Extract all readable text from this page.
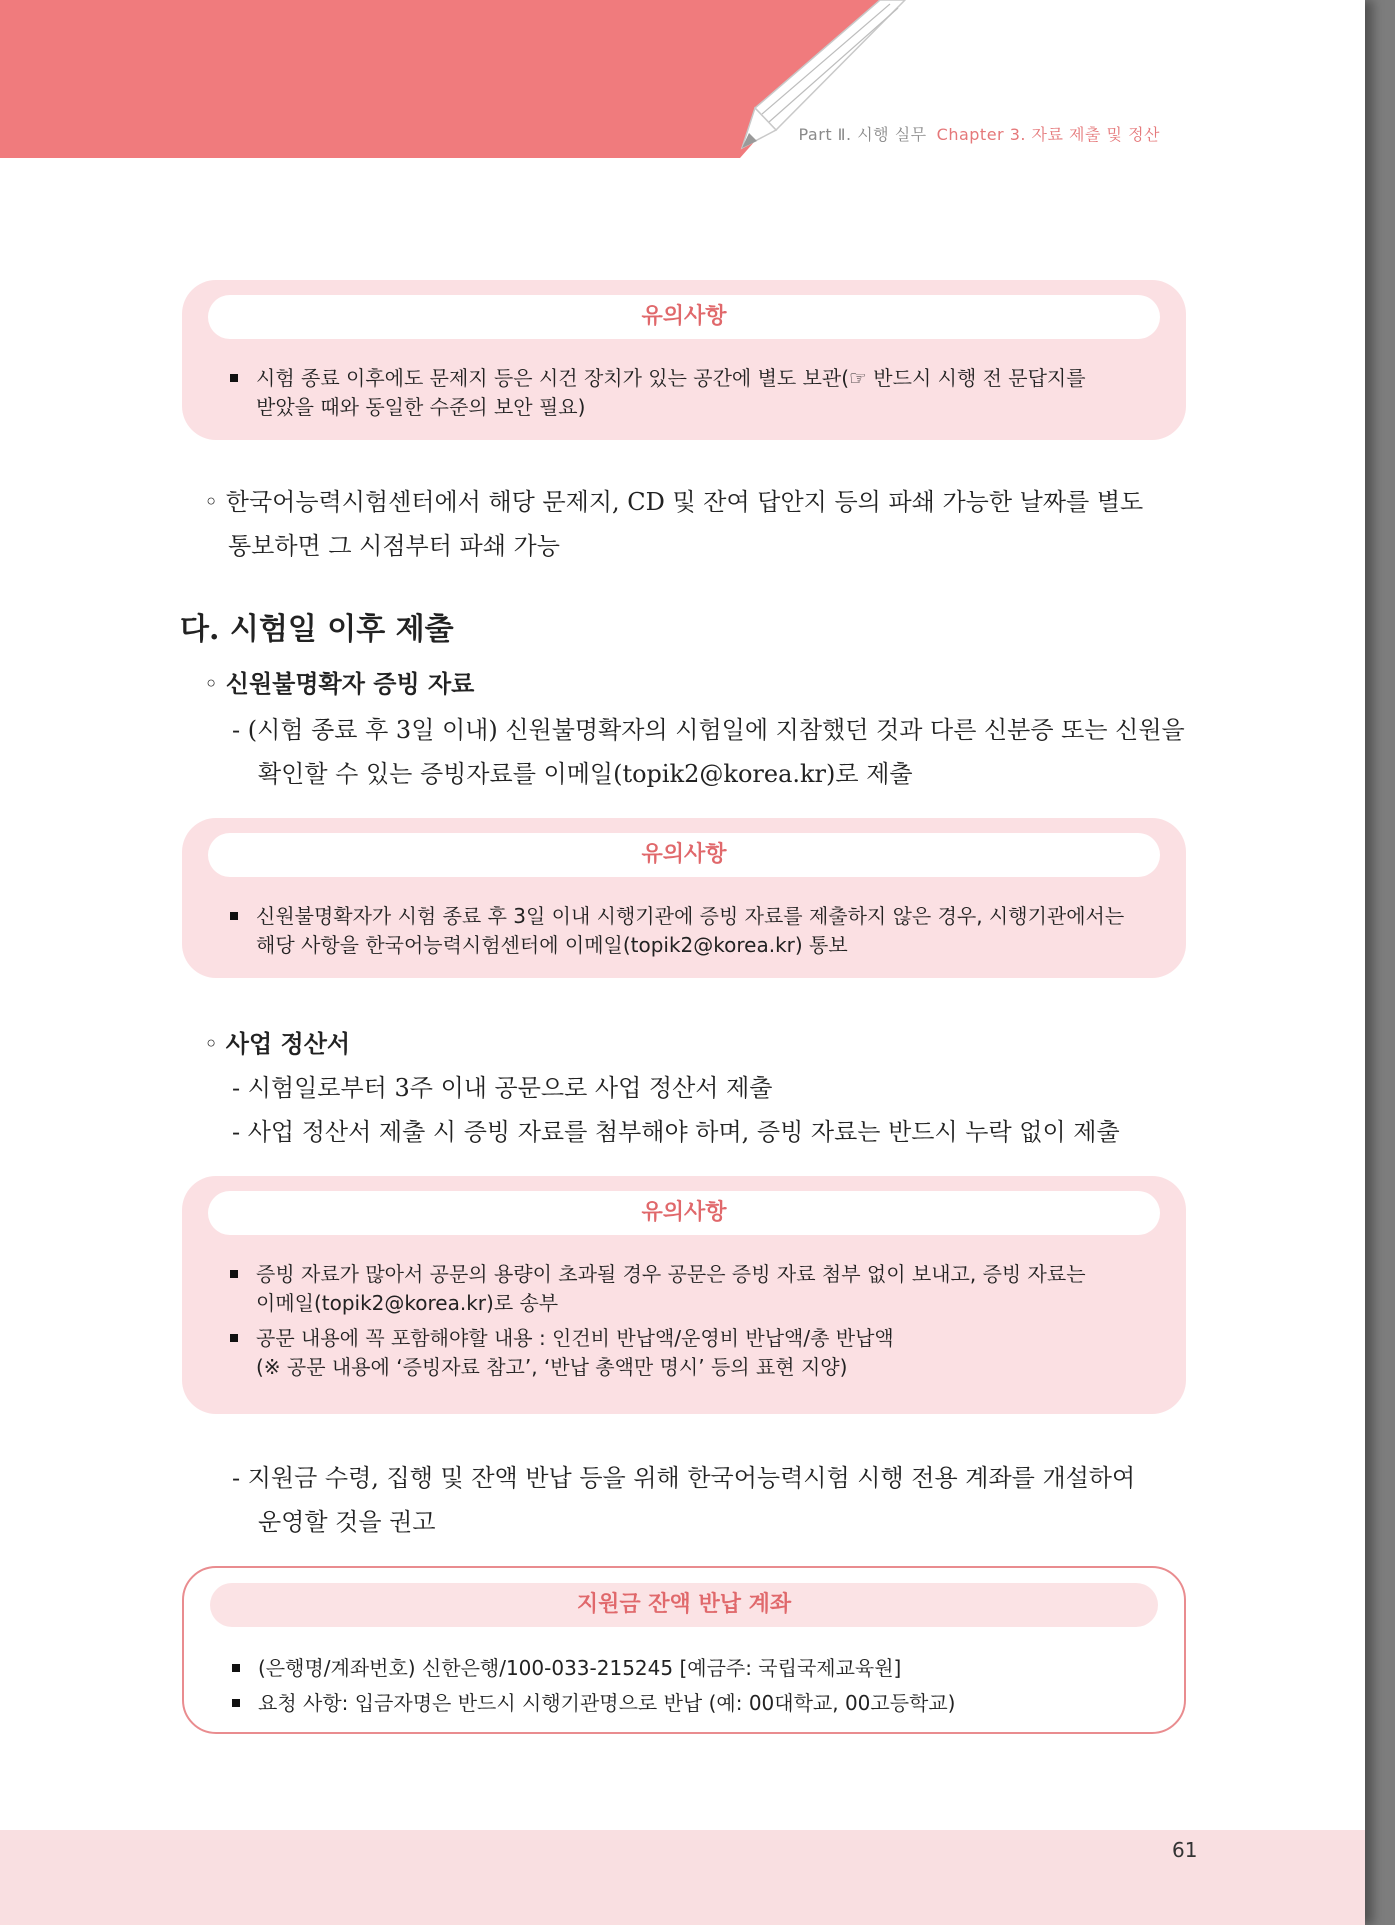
Part Ⅱ. 시행 실무 Chapter 3. 자료 제출 및 정산
유의사항
시험 종료 이후에도 문제지 등은 시건 장치가 있는 공간에 별도 보관(☞ 반드시 시행 전 문답지를
받았을 때와 동일한 수준의 보안 필요)
◦ 한국어능력시험센터에서 해당 문제지, CD 및 잔여 답안지 등의 파쇄 가능한 날짜를 별도
통보하면 그 시점부터 파쇄 가능
다. 시험일 이후 제출
◦ 신원불명확자 증빙 자료
- (시험 종료 후 3일 이내) 신원불명확자의 시험일에 지참했던 것과 다른 신분증 또는 신원을
확인할 수 있는 증빙자료를 이메일(topik2@korea.kr)로 제출
유의사항
신원불명확자가 시험 종료 후 3일 이내 시행기관에 증빙 자료를 제출하지 않은 경우, 시행기관에서는
해당 사항을 한국어능력시험센터에 이메일(topik2@korea.kr) 통보
◦ 사업 정산서
- 시험일로부터 3주 이내 공문으로 사업 정산서 제출
- 사업 정산서 제출 시 증빙 자료를 첨부해야 하며, 증빙 자료는 반드시 누락 없이 제출
유의사항
증빙 자료가 많아서 공문의 용량이 초과될 경우 공문은 증빙 자료 첨부 없이 보내고, 증빙 자료는
이메일(topik2@korea.kr)로 송부
공문 내용에 꼭 포함해야할 내용 : 인건비 반납액/운영비 반납액/총 반납액
(※ 공문 내용에 ‘증빙자료 참고’, ‘반납 총액만 명시’ 등의 표현 지양)
- 지원금 수령, 집행 및 잔액 반납 등을 위해 한국어능력시험 시행 전용 계좌를 개설하여
운영할 것을 권고
지원금 잔액 반납 계좌
(은행명/계좌번호) 신한은행/100-033-215245 [예금주: 국립국제교육원]
요청 사항: 입금자명은 반드시 시행기관명으로 반납 (예: 00대학교, 00고등학교)
61
